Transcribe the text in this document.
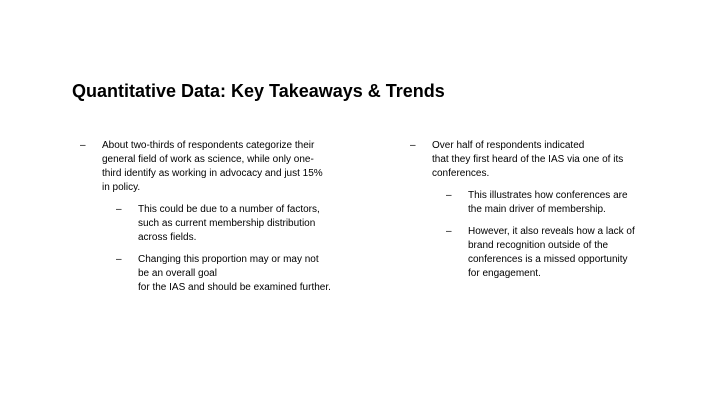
Quantitative Data: Key Takeaways & Trends
– About two-thirds of respondents categorize their
general field of work as science, while only one-
third identify as working in advocacy and just 15%
in policy.
– This could be due to a number of factors,
such as current membership distribution
across fields.
– Changing this proportion may or may not
be an overall goal
for the IAS and should be examined further.
– Over half of respondents indicated
that they first heard of the IAS via one of its
conferences.
– This illustrates how conferences are
the main driver of membership.
– However, it also reveals how a lack of
brand recognition outside of the
conferences is a missed opportunity
for engagement.
